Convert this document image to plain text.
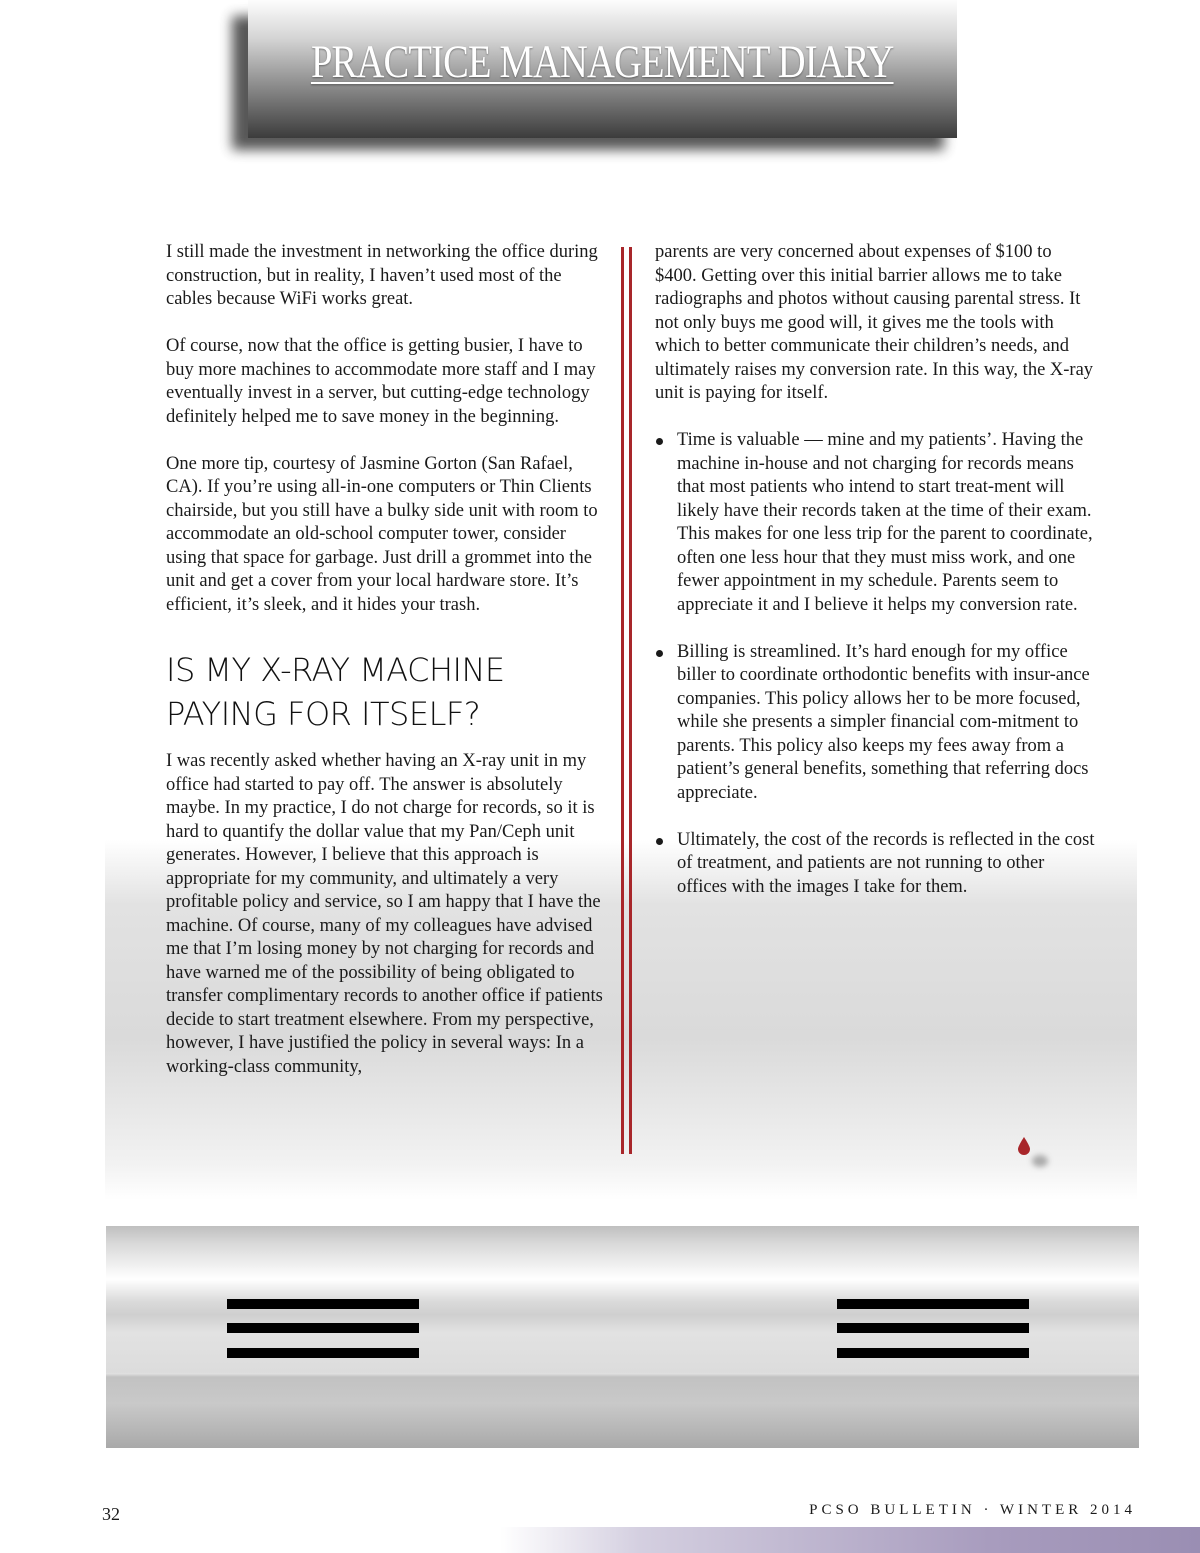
PRACTICE MANAGEMENT DIARY

I still made the investment in networking the office during construction, but in reality, I haven’t used most of the cables because WiFi works great.

Of course, now that the office is getting busier, I have to buy more machines to accommodate more staff and I may eventually invest in a server, but cutting-edge technology definitely helped me to save money in the beginning.

One more tip, courtesy of Jasmine Gorton (San Rafael, CA). If you’re using all-in-one computers or Thin Clients chairside, but you still have a bulky side unit with room to accommodate an old-school computer tower, consider using that space for garbage. Just drill a grommet into the unit and get a cover from your local hardware store. It’s efficient, it’s sleek, and it hides your trash.

IS MY X-RAY MACHINE PAYING FOR ITSELF?

I was recently asked whether having an X-ray unit in my office had started to pay off. The answer is absolutely maybe. In my practice, I do not charge for records, so it is hard to quantify the dollar value that my Pan/Ceph unit generates. However, I believe that this approach is appropriate for my community, and ultimately a very profitable policy and service, so I am happy that I have the machine. Of course, many of my colleagues have advised me that I’m losing money by not charging for records and have warned me of the possibility of being obligated to transfer complimentary records to another office if patients decide to start treatment elsewhere. From my perspective, however, I have justified the policy in several ways: In a working-class community,

parents are very concerned about expenses of $100 to $400. Getting over this initial barrier allows me to take radiographs and photos without causing parental stress. It not only buys me good will, it gives me the tools with which to better communicate their children’s needs, and ultimately raises my conversion rate. In this way, the X-ray unit is paying for itself.

Time is valuable — mine and my patients’. Having the machine in-house and not charging for records means that most patients who intend to start treat-ment will likely have their records taken at the time of their exam. This makes for one less trip for the parent to coordinate, often one less hour that they must miss work, and one fewer appointment in my schedule. Parents seem to appreciate it and I believe it helps my conversion rate.
Billing is streamlined. It’s hard enough for my office biller to coordinate orthodontic benefits with insur-ance companies. This policy allows her to be more focused, while she presents a simpler financial com-mitment to parents. This policy also keeps my fees away from a patient’s general benefits, something that referring docs appreciate.
Ultimately, the cost of the records is reflected in the cost of treatment, and patients are not running to other offices with the images I take for them.
32	PCSO BULLETIN · WINTER 2014
